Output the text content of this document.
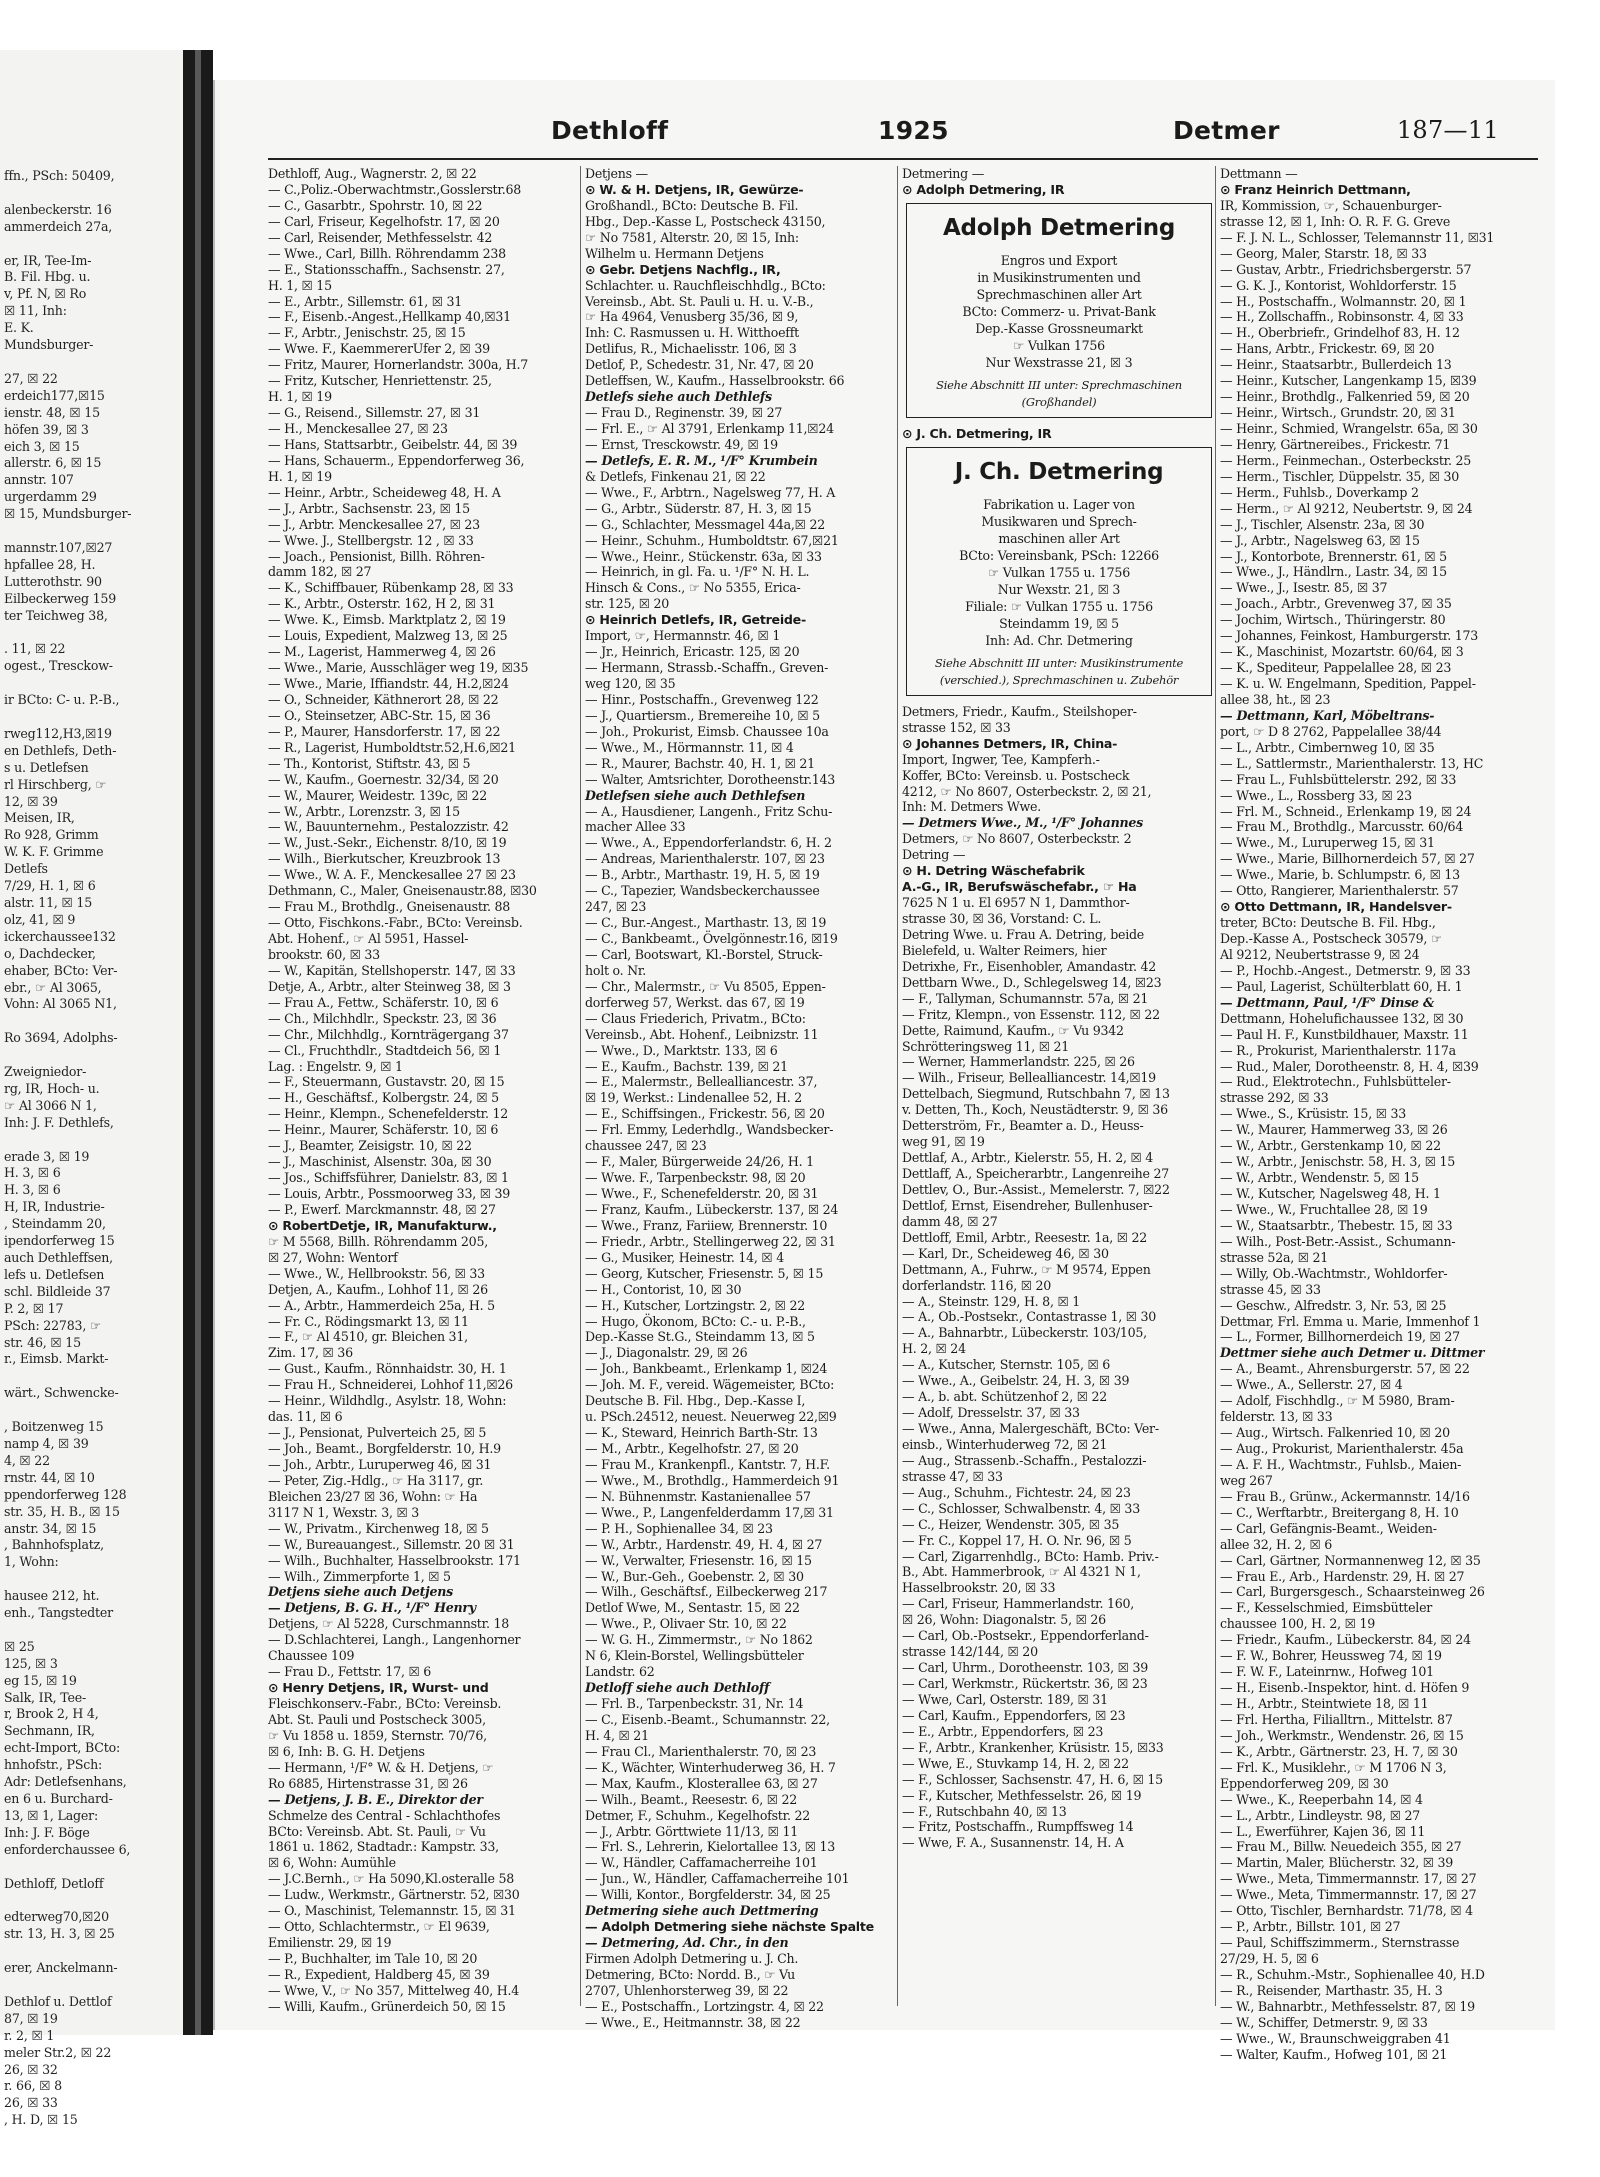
ffn., PSch: 50409,

alenbeckerstr. 16
ammerdeich 27a,

er, IR, Tee-Im-
B. Fil. Hbg. u.
v, Pf. N, ☒ Ro
☒ 11, Inh:
E. K.
Mundsburger-

27, ☒ 22
erdeich177,☒15
ienstr. 48, ☒ 15
höfen 39, ☒ 3
eich 3, ☒ 15
allerstr. 6, ☒ 15
annstr. 107
urgerdamm 29
☒ 15, Mundsburger-

mannstr.107,☒27
hpfallee 28, H.
Lutterothstr. 90
Eilbeckerweg 159
ter Teichweg 38,

. 11, ☒ 22
ogest., Tresckow-

ir BCto: C- u. P.-B.,

rweg112,H3,☒19
en Dethlefs, Deth-
s u. Detlefsen
rl Hirschberg, ☞
12, ☒ 39
Meisen, IR,
Ro 928, Grimm
W. K. F. Grimme
Detlefs
7/29, H. 1, ☒ 6
alstr. 11, ☒ 15
olz, 41, ☒ 9
ickerchaussee132
o, Dachdecker,
ehaber, BCto: Ver-
ebr., ☞ Al 3065,
Vohn: Al 3065 N1,

Ro 3694, Adolphs-

Zweigniedor-
rg, IR, Hoch- u.
☞ Al 3066 N 1,
Inh: J. F. Dethlefs,

erade 3, ☒ 19
H. 3, ☒ 6
H. 3, ☒ 6
H, IR, Industrie-
, Steindamm 20,
ipendorferweg 15
auch Dethleffsen,
lefs u. Detlefsen
schl. Bildleide 37
P. 2, ☒ 17
PSch: 22783, ☞
str. 46, ☒ 15
r., Eimsb. Markt-

wärt., Schwencke-

, Boitzenweg 15
namp 4, ☒ 39
4, ☒ 22
rnstr. 44, ☒ 10
ppendorferweg 128
str. 35, H. B., ☒ 15
anstr. 34, ☒ 15
, Bahnhofsplatz,
1, Wohn:

hausee 212, ht.
enh., Tangstedter

☒ 25
125, ☒ 3
eg 15, ☒ 19
Salk, IR, Tee-
r, Brook 2, H 4,
Sechmann, IR,
echt-Import, BCto:
hnhofstr., PSch:
Adr: Detlefsenhans,
en 6 u. Burchard-
13, ☒ 1, Lager:
Inh: J. F. Böge
enforderchaussee 6,

Dethloff, Detloff

edterweg70,☒20
str. 13, H. 3, ☒ 25

erer, Anckelmann-

Dethlof u. Dettlof
87, ☒ 19
r. 2, ☒ 1
meler Str.2, ☒ 22
26, ☒ 32
r. 66, ☒ 8
26, ☒ 33
, H. D, ☒ 15
Dethloff	1925	Detmer	187—11
Dethloff, Aug., Wagnerstr. 2, ☒ 22
— C.,Poliz.-Oberwachtmstr.,Gosslerstr.68
— C., Gasarbtr., Spohrstr. 10, ☒ 22
— Carl, Friseur, Kegelhofstr. 17, ☒ 20
— Carl, Reisender, Methfesselstr. 42
— Wwe., Carl, Billh. Röhrendamm 238
— E., Stationsschaffn., Sachsenstr. 27,
H. 1, ☒ 15
— E., Arbtr., Sillemstr. 61, ☒ 31
— F., Eisenb.-Angest.,Hellkamp 40,☒31
— F., Arbtr., Jenischstr. 25, ☒ 15
— Wwe. F., KaemmererUfer 2, ☒ 39
— Fritz, Maurer, Hornerlandstr. 300a, H.7
— Fritz, Kutscher, Henriettenstr. 25,
H. 1, ☒ 19
— G., Reisend., Sillemstr. 27, ☒ 31
— H., Menckesallee 27, ☒ 23
— Hans, Stattsarbtr., Geibelstr. 44, ☒ 39
— Hans, Schauerm., Eppendorferweg 36,
H. 1, ☒ 19
— Heinr., Arbtr., Scheideweg 48, H. A
— J., Arbtr., Sachsenstr. 23, ☒ 15
— J., Arbtr. Menckesallee 27, ☒ 23
— Wwe. J., Stellbergstr. 12 , ☒ 33
— Joach., Pensionist, Billh. Röhren-
damm 182, ☒ 27
— K., Schiffbauer, Rübenkamp 28, ☒ 33
— K., Arbtr., Osterstr. 162, H 2, ☒ 31
— Wwe. K., Eimsb. Marktplatz 2, ☒ 19
— Louis, Expedient, Malzweg 13, ☒ 25
— M., Lagerist, Hammerweg 4, ☒ 26
— Wwe., Marie, Ausschläger weg 19, ☒35
— Wwe., Marie, Iffiandstr. 44, H.2,☒24
— O., Schneider, Käthnerort 28, ☒ 22
— O., Steinsetzer, ABC-Str. 15, ☒ 36
— P., Maurer, Hansdorferstr. 17, ☒ 22
— R., Lagerist, Humboldtstr.52,H.6,☒21
— Th., Kontorist, Stiftstr. 43, ☒ 5
— W., Kaufm., Goernestr. 32/34, ☒ 20
— W., Maurer, Weidestr. 139c, ☒ 22
— W., Arbtr., Lorenzstr. 3, ☒ 15
— W., Bauunternehm., Pestalozzistr. 42
— W., Just.-Sekr., Eichenstr. 8/10, ☒ 19
— Wilh., Bierkutscher, Kreuzbrook 13
— Wwe., W. A. F., Menckesallee 27 ☒ 23
Dethmann, C., Maler, Gneisenaustr.88, ☒30
— Frau M., Brothdlg., Gneisenaustr. 88
— Otto, Fischkons.-Fabr., BCto: Vereinsb.
Abt. Hohenf., ☞ Al 5951, Hassel-
brookstr. 60, ☒ 33
— W., Kapitän, Stellshoperstr. 147, ☒ 33
Detje, A., Arbtr., alter Steinweg 38, ☒ 3
— Frau A., Fettw., Schäferstr. 10, ☒ 6
— Ch., Milchhdlr., Speckstr. 23, ☒ 36
— Chr., Milchhdlg., Kornträgergang 37
— Cl., Fruchthdlr., Stadtdeich 56, ☒ 1
Lag. : Engelstr. 9, ☒ 1
— F., Steuermann, Gustavstr. 20, ☒ 15
— H., Geschäftsf., Kolbergstr. 24, ☒ 5
— Heinr., Klempn., Schenefelderstr. 12
— Heinr., Maurer, Schäferstr. 10, ☒ 6
— J., Beamter, Zeisigstr. 10, ☒ 22
— J., Maschinist, Alsenstr. 30a, ☒ 30
— Jos., Schiffsführer, Danielstr. 83, ☒ 1
— Louis, Arbtr., Possmoorweg 33, ☒ 39
— P., Ewerf. Marckmannstr. 48, ☒ 27
⊙ RobertDetje, IR, Manufakturw.,
☞ M 5568, Billh. Röhrendamm 205,
☒ 27, Wohn: Wentorf
— Wwe., W., Hellbrookstr. 56, ☒ 33
Detjen, A., Kaufm., Lohhof 11, ☒ 26
— A., Arbtr., Hammerdeich 25a, H. 5
— Fr. C., Rödingsmarkt 13, ☒ 11
— F., ☞ Al 4510, gr. Bleichen 31,
Zim. 17, ☒ 36
— Gust., Kaufm., Rönnhaidstr. 30, H. 1
— Frau H., Schneiderei, Lohhof 11,☒26
— Heinr., Wildhdlg., Asylstr. 18, Wohn:
das. 11, ☒ 6
— J., Pensionat, Pulverteich 25, ☒ 5
— Joh., Beamt., Borgfelderstr. 10, H.9
— Joh., Arbtr., Luruperweg 46, ☒ 31
— Peter, Zig.-Hdlg., ☞ Ha 3117, gr.
Bleichen 23/27 ☒ 36, Wohn: ☞ Ha
3117 N 1, Wexstr. 3, ☒ 3
— W., Privatm., Kirchenweg 18, ☒ 5
— W., Bureauangest., Sillemstr. 20 ☒ 31
— Wilh., Buchhalter, Hasselbrookstr. 171
— Wilh., Zimmerpforte 1, ☒ 5
Detjens siehe auch Detjens
— Detjens, B. G. H., ¹/F° Henry
Detjens, ☞ Al 5228, Curschmannstr. 18
— D.Schlachterei, Langh., Langenhorner
Chaussee 109
— Frau D., Fettstr. 17, ☒ 6
⊙ Henry Detjens, IR, Wurst- und
Fleischkonserv.-Fabr., BCto: Vereinsb.
Abt. St. Pauli und Postscheck 3005,
☞ Vu 1858 u. 1859, Sternstr. 70/76,
☒ 6, Inh: B. G. H. Detjens
— Hermann, ¹/F° W. & H. Detjens, ☞
Ro 6885, Hirtenstrasse 31, ☒ 26
— Detjens, J. B. E., Direktor der
Schmelze des Central - Schlachthofes
BCto: Vereinsb. Abt. St. Pauli, ☞ Vu
1861 u. 1862, Stadtadr.: Kampstr. 33,
☒ 6, Wohn: Aumühle
— J.C.Bernh., ☞ Ha 5090,Kl.osteralle 58
— Ludw., Werkmstr., Gärtnerstr. 52, ☒30
— O., Maschinist, Telemannstr. 15, ☒ 31
— Otto, Schlachtermstr., ☞ El 9639,
Emilienstr. 29, ☒ 19
— P., Buchhalter, im Tale 10, ☒ 20
— R., Expedient, Haldberg 45, ☒ 39
— Wwe, V., ☞ No 357, Mittelweg 40, H.4
— Willi, Kaufm., Grünerdeich 50, ☒ 15
Detjens —
⊙ W. & H. Detjens, IR, Gewürze-
Großhandl., BCto: Deutsche B. Fil.
Hbg., Dep.-Kasse L, Postscheck 43150,
☞ No 7581, Alterstr. 20, ☒ 15, Inh:
Wilhelm u. Hermann Detjens
⊙ Gebr. Detjens Nachflg., IR,
Schlachter. u. Rauchfleischhdlg., BCto:
Vereinsb., Abt. St. Pauli u. H. u. V.-B.,
☞ Ha 4964, Venusberg 35/36, ☒ 9,
Inh: C. Rasmussen u. H. Witthoefft
Detlifus, R., Michaelisstr. 106, ☒ 3
Detlof, P., Schedestr. 31, Nr. 47, ☒ 20
Detleffsen, W., Kaufm., Hasselbrookstr. 66
Detlefs siehe auch Dethlefs
— Frau D., Reginenstr. 39, ☒ 27
— Frl. E., ☞ Al 3791, Erlenkamp 11,☒24
— Ernst, Tresckowstr. 49, ☒ 19
— Detlefs, E. R. M., ¹/F° Krumbein
& Detlefs, Finkenau 21, ☒ 22
— Wwe., F., Arbtrn., Nagelsweg 77, H. A
— G., Arbtr., Süderstr. 87, H. 3, ☒ 15
— G., Schlachter, Messmagel 44a,☒ 22
— Heinr., Schuhm., Humboldtstr. 67,☒21
— Wwe., Heinr., Stückenstr. 63a, ☒ 33
— Heinrich, in gl. Fa. u. ¹/F° N. H. L.
Hinsch & Cons., ☞ No 5355, Erica-
str. 125, ☒ 20
⊙ Heinrich Detlefs, IR, Getreide-
Import, ☞, Hermannstr. 46, ☒ 1
— Jr., Heinrich, Ericastr. 125, ☒ 20
— Hermann, Strassb.-Schaffn., Greven-
weg 120, ☒ 35
— Hinr., Postschaffn., Grevenweg 122
— J., Quartiersm., Bremereihe 10, ☒ 5
— Joh., Prokurist, Eimsb. Chaussee 10a
— Wwe., M., Hörmannstr. 11, ☒ 4
— R., Maurer, Bachstr. 40, H. 1, ☒ 21
— Walter, Amtsrichter, Dorotheenstr.143
Detlefsen siehe auch Dethlefsen
— A., Hausdiener, Langenh., Fritz Schu-
macher Allee 33
— Wwe., A., Eppendorferlandstr. 6, H. 2
— Andreas, Marienthalerstr. 107, ☒ 23
— B., Arbtr., Marthastr. 19, H. 5, ☒ 19
— C., Tapezier, Wandsbeckerchaussee
247, ☒ 23
— C., Bur.-Angest., Marthastr. 13, ☒ 19
— C., Bankbeamt., Övelgönnestr.16, ☒19
— Carl, Bootswart, Kl.-Borstel, Struck-
holt o. Nr.
— Chr., Malermstr., ☞ Vu 8505, Eppen-
dorferweg 57, Werkst. das 67, ☒ 19
— Claus Friederich, Privatm., BCto:
Vereinsb., Abt. Hohenf., Leibnizstr. 11
— Wwe., D., Marktstr. 133, ☒ 6
— E., Kaufm., Bachstr. 139, ☒ 21
— E., Malermstr., Bellealliancestr. 37,
☒ 19, Werkst.: Lindenallee 52, H. 2
— E., Schiffsingen., Frickestr. 56, ☒ 20
— Frl. Emmy, Lederhdlg., Wandsbecker-
chaussee 247, ☒ 23
— F., Maler, Bürgerweide 24/26, H. 1
— Wwe. F., Tarpenbeckstr. 98, ☒ 20
— Wwe., F., Schenefelderstr. 20, ☒ 31
— Franz, Kaufm., Lübeckerstr. 137, ☒ 24
— Wwe., Franz, Fariiew, Brennerstr. 10
— Friedr., Arbtr., Stellingerweg 22, ☒ 31
— G., Musiker, Heinestr. 14, ☒ 4
— Georg, Kutscher, Friesenstr. 5, ☒ 15
— H., Contorist, 10, ☒ 30
— H., Kutscher, Lortzingstr. 2, ☒ 22
— Hugo, Ökonom, BCto: C.- u. P.-B.,
Dep.-Kasse St.G., Steindamm 13, ☒ 5
— J., Diagonalstr. 29, ☒ 26
— Joh., Bankbeamt., Erlenkamp 1, ☒24
— Joh. M. F., vereid. Wägemeister, BCto:
Deutsche B. Fil. Hbg., Dep.-Kasse I,
u. PSch.24512, neuest. Neuerweg 22,☒9
— K., Steward, Heinrich Barth-Str. 13
— M., Arbtr., Kegelhofstr. 27, ☒ 20
— Frau M., Krankenpfl., Kantstr. 7, H.F.
— Wwe., M., Brothdlg., Hammerdeich 91
— N. Bühnenmstr. Kastanienallee 57
— Wwe., P., Langenfelderdamm 17,☒ 31
— P. H., Sophienallee 34, ☒ 23
— W., Arbtr., Hardenstr. 49, H. 4, ☒ 27
— W., Verwalter, Friesenstr. 16, ☒ 15
— W., Bur.-Geh., Goebenstr. 2, ☒ 30
— Wilh., Geschäftsf., Eilbeckerweg 217
Detlof Wwe, M., Sentastr. 15, ☒ 22
— Wwe., P., Olivaer Str. 10, ☒ 22
— W. G. H., Zimmermstr., ☞ No 1862
N 6, Klein-Borstel, Wellingsbütteler
Landstr. 62
Detloff siehe auch Dethloff
— Frl. B., Tarpenbeckstr. 31, Nr. 14
— C., Eisenb.-Beamt., Schumannstr. 22,
H. 4, ☒ 21
— Frau Cl., Marienthalerstr. 70, ☒ 23
— K., Wächter, Winterhuderweg 36, H. 7
— Max, Kaufm., Klosterallee 63, ☒ 27
— Wilh., Beamt., Reesestr. 6, ☒ 22
Detmer, F., Schuhm., Kegelhofstr. 22
— J., Arbtr. Görttwiete 11/13, ☒ 11
— Frl. S., Lehrerin, Kielortallee 13, ☒ 13
— W., Händler, Caffamacherreihe 101
— Jun., W., Händler, Caffamacherreihe 101
— Willi, Kontor., Borgfelderstr. 34, ☒ 25
Detmering siehe auch Dettmering
— Adolph Detmering siehe nächste Spalte
— Detmering, Ad. Chr., in den
Firmen Adolph Detmering u. J. Ch.
Detmering, BCto: Nordd. B., ☞ Vu
2707, Uhlenhorsterweg 39, ☒ 22
— E., Postschaffn., Lortzingstr. 4, ☒ 22
— Wwe., E., Heitmannstr. 38, ☒ 22
Detmering —
⊙ Adolph Detmering, IR
Adolph Detmering
Engros und Export
in Musikinstrumenten und
Sprechmaschinen aller Art
BCto: Commerz- u. Privat-Bank
Dep.-Kasse Grossneumarkt
☞ Vulkan 1756
Nur Wexstrasse 21, ☒ 3
Siehe Abschnitt III unter: Sprechmaschinen (Großhandel)
⊙ J. Ch. Detmering, IR
J. Ch. Detmering
Fabrikation u. Lager von
Musikwaren und Sprech-
maschinen aller Art
BCto: Vereinsbank, PSch: 12266
☞ Vulkan 1755 u. 1756
Nur Wexstr. 21, ☒ 3
Filiale: ☞ Vulkan 1755 u. 1756
Steindamm 19, ☒ 5
Inh: Ad. Chr. Detmering
Siehe Abschnitt III unter: Musikinstrumente (verschied.), Sprechmaschinen u. Zubehör
Detmers, Friedr., Kaufm., Steilshoper-
strasse 152, ☒ 33
⊙ Johannes Detmers, IR, China-
Import, Ingwer, Tee, Kampferh.-
Koffer, BCto: Vereinsb. u. Postscheck
4212, ☞ No 8607, Osterbeckstr. 2, ☒ 21,
Inh: M. Detmers Wwe.
— Detmers Wwe., M., ¹/F° Johannes
Detmers, ☞ No 8607, Osterbeckstr. 2
Detring —
⊙ H. Detring Wäschefabrik
A.-G., IR, Berufswäschefabr., ☞ Ha
7625 N 1 u. El 6957 N 1, Dammthor-
strasse 30, ☒ 36, Vorstand: C. L.
Detring Wwe. u. Frau A. Detring, beide
Bielefeld, u. Walter Reimers, hier
Detrixhe, Fr., Eisenhobler, Amandastr. 42
Dettbarn Wwe., D., Schlegelsweg 14, ☒23
— F., Tallyman, Schumannstr. 57a, ☒ 21
— Fritz, Klempn., von Essenstr. 112, ☒ 22
Dette, Raimund, Kaufm., ☞ Vu 9342
Schrötteringsweg 11, ☒ 21
— Werner, Hammerlandstr. 225, ☒ 26
— Wilh., Friseur, Bellealliancestr. 14,☒19
Dettelbach, Siegmund, Rutschbahn 7, ☒ 13
v. Detten, Th., Koch, Neustädterstr. 9, ☒ 36
Detterström, Fr., Beamter a. D., Heuss-
weg 91, ☒ 19
Dettlaf, A., Arbtr., Kielerstr. 55, H. 2, ☒ 4
Dettlaff, A., Speicherarbtr., Langenreihe 27
Dettlev, O., Bur.-Assist., Memelerstr. 7, ☒22
Dettlof, Ernst, Eisendreher, Bullenhuser-
damm 48, ☒ 27
Dettloff, Emil, Arbtr., Reesestr. 1a, ☒ 22
— Karl, Dr., Scheideweg 46, ☒ 30
Dettmann, A., Fuhrw., ☞ M 9574, Eppen
dorferlandstr. 116, ☒ 20
— A., Steinstr. 129, H. 8, ☒ 1
— A., Ob.-Postsekr., Contastrasse 1, ☒ 30
— A., Bahnarbtr., Lübeckerstr. 103/105,
H. 2, ☒ 24
— A., Kutscher, Sternstr. 105, ☒ 6
— Wwe., A., Geibelstr. 24, H. 3, ☒ 39
— A., b. abt. Schützenhof 2, ☒ 22
— Adolf, Dresselstr. 37, ☒ 33
— Wwe., Anna, Malergeschäft, BCto: Ver-
einsb., Winterhuderweg 72, ☒ 21
— Aug., Strassenb.-Schaffn., Pestalozzi-
strasse 47, ☒ 33
— Aug., Schuhm., Fichtestr. 24, ☒ 23
— C., Schlosser, Schwalbenstr. 4, ☒ 33
— C., Heizer, Wendenstr. 305, ☒ 35
— Fr. C., Koppel 17, H. O. Nr. 96, ☒ 5
— Carl, Zigarrenhdlg., BCto: Hamb. Priv.-
B., Abt. Hammerbrook, ☞ Al 4321 N 1,
Hasselbrookstr. 20, ☒ 33
— Carl, Friseur, Hammerlandstr. 160,
☒ 26, Wohn: Diagonalstr. 5, ☒ 26
— Carl, Ob.-Postsekr., Eppendorferland-
strasse 142/144, ☒ 20
— Carl, Uhrm., Dorotheenstr. 103, ☒ 39
— Carl, Werkmstr., Rückertstr. 36, ☒ 23
— Wwe, Carl, Osterstr. 189, ☒ 31
— Carl, Kaufm., Eppendorfers, ☒ 23
— E., Arbtr., Eppendorfers, ☒ 23
— F., Arbtr., Krankenher, Krüsistr. 15, ☒33
— Wwe, E., Stuvkamp 14, H. 2, ☒ 22
— F., Schlosser, Sachsenstr. 47, H. 6, ☒ 15
— F., Kutscher, Methfesselstr. 26, ☒ 19
— F., Rutschbahn 40, ☒ 13
— Fritz, Postschaffn., Rumpffsweg 14
— Wwe, F. A., Susannenstr. 14, H. A
Dettmann —
⊙ Franz Heinrich Dettmann,
IR, Kommission, ☞, Schauenburger-
strasse 12, ☒ 1, Inh: O. R. F. G. Greve
— F. J. N. L., Schlosser, Telemannstr 11, ☒31
— Georg, Maler, Starstr. 18, ☒ 33
— Gustav, Arbtr., Friedrichsbergerstr. 57
— G. K. J., Kontorist, Wohldorferstr. 15
— H., Postschaffn., Wolmannstr. 20, ☒ 1
— H., Zollschaffn., Robinsonstr. 4, ☒ 33
— H., Oberbriefr., Grindelhof 83, H. 12
— Hans, Arbtr., Frickestr. 69, ☒ 20
— Heinr., Staatsarbtr., Bullerdeich 13
— Heinr., Kutscher, Langenkamp 15, ☒39
— Heinr., Brothdlg., Falkenried 59, ☒ 20
— Heinr., Wirtsch., Grundstr. 20, ☒ 31
— Heinr., Schmied, Wrangelstr. 65a, ☒ 30
— Henry, Gärtnereibes., Frickestr. 71
— Herm., Feinmechan., Osterbeckstr. 25
— Herm., Tischler, Düppelstr. 35, ☒ 30
— Herm., Fuhlsb., Doverkamp 2
— Herm., ☞ Al 9212, Neubertstr. 9, ☒ 24
— J., Tischler, Alsenstr. 23a, ☒ 30
— J., Arbtr., Nagelsweg 63, ☒ 15
— J., Kontorbote, Brennerstr. 61, ☒ 5
— Wwe., J., Händlrn., Lastr. 34, ☒ 15
— Wwe., J., Isestr. 85, ☒ 37
— Joach., Arbtr., Grevenweg 37, ☒ 35
— Jochim, Wirtsch., Thüringerstr. 80
— Johannes, Feinkost, Hamburgerstr. 173
— K., Maschinist, Mozartstr. 60/64, ☒ 3
— K., Spediteur, Pappelallee 28, ☒ 23
— K. u. W. Engelmann, Spedition, Pappel-
allee 38, ht., ☒ 23
— Dettmann, Karl, Möbeltrans-
port, ☞ D 8 2762, Pappelallee 38/44
— L., Arbtr., Cimbernweg 10, ☒ 35
— L., Sattlermstr., Marienthalerstr. 13, HC
— Frau L., Fuhlsbüttelerstr. 292, ☒ 33
— Wwe., L., Rossberg 33, ☒ 23
— Frl. M., Schneid., Erlenkamp 19, ☒ 24
— Frau M., Brothdlg., Marcusstr. 60/64
— Wwe., M., Luruperweg 15, ☒ 31
— Wwe., Marie, Billhornerdeich 57, ☒ 27
— Wwe., Marie, b. Schlumpstr. 6, ☒ 13
— Otto, Rangierer, Marienthalerstr. 57
⊙ Otto Dettmann, IR, Handelsver-
treter, BCto: Deutsche B. Fil. Hbg.,
Dep.-Kasse A., Postscheck 30579, ☞
Al 9212, Neubertstrasse 9, ☒ 24
— P., Hochb.-Angest., Detmerstr. 9, ☒ 33
— Paul, Lagerist, Schülterblatt 60, H. 1
— Dettmann, Paul, ¹/F° Dinse &
Dettmann, Hohelufichaussee 132, ☒ 30
— Paul H. F., Kunstbildhauer, Maxstr. 11
— R., Prokurist, Marienthalerstr. 117a
— Rud., Maler, Dorotheenstr. 8, H. 4, ☒39
— Rud., Elektrotechn., Fuhlsbütteler-
strasse 292, ☒ 33
— Wwe., S., Krüsistr. 15, ☒ 33
— W., Maurer, Hammerweg 33, ☒ 26
— W., Arbtr., Gerstenkamp 10, ☒ 22
— W., Arbtr., Jenischstr. 58, H. 3, ☒ 15
— W., Arbtr., Wendenstr. 5, ☒ 15
— W., Kutscher, Nagelsweg 48, H. 1
— Wwe., W., Fruchtallee 28, ☒ 19
— W., Staatsarbtr., Thebestr. 15, ☒ 33
— Wilh., Post-Betr.-Assist., Schumann-
strasse 52a, ☒ 21
— Willy, Ob.-Wachtmstr., Wohldorfer-
strasse 45, ☒ 33
— Geschw., Alfredstr. 3, Nr. 53, ☒ 25
Dettmar, Frl. Emma u. Marie, Immenhof 1
— L., Former, Billhornerdeich 19, ☒ 27
Dettmer siehe auch Detmer u. Dittmer
— A., Beamt., Ahrensburgerstr. 57, ☒ 22
— Wwe., A., Sellerstr. 27, ☒ 4
— Adolf, Fischhdlg., ☞ M 5980, Bram-
felderstr. 13, ☒ 33
— Aug., Wirtsch. Falkenried 10, ☒ 20
— Aug., Prokurist, Marienthalerstr. 45a
— A. F. H., Wachtmstr., Fuhlsb., Maien-
weg 267
— Frau B., Grünw., Ackermannstr. 14/16
— C., Werftarbtr., Breitergang 8, H. 10
— Carl, Gefängnis-Beamt., Weiden-
allee 32, H. 2, ☒ 6
— Carl, Gärtner, Normannenweg 12, ☒ 35
— Frau E., Arb., Hardenstr. 29, H. ☒ 27
— Carl, Burgersgesch., Schaarsteinweg 26
— F., Kesselschmied, Eimsbütteler
chaussee 100, H. 2, ☒ 19
— Friedr., Kaufm., Lübeckerstr. 84, ☒ 24
— F. W., Bohrer, Heussweg 74, ☒ 19
— F. W. F., Lateinrnw., Hofweg 101
— H., Eisenb.-Inspektor, hint. d. Höfen 9
— H., Arbtr., Steintwiete 18, ☒ 11
— Frl. Hertha, Filialltrn., Mittelstr. 87
— Joh., Werkmstr., Wendenstr. 26, ☒ 15
— K., Arbtr., Gärtnerstr. 23, H. 7, ☒ 30
— Frl. K., Musiklehr., ☞ M 1706 N 3,
Eppendorferweg 209, ☒ 30
— Wwe., K., Reeperbahn 14, ☒ 4
— L., Arbtr., Lindleystr. 98, ☒ 27
— L., Ewerführer, Kajen 36, ☒ 11
— Frau M., Billw. Neuedeich 355, ☒ 27
— Martin, Maler, Blücherstr. 32, ☒ 39
— Wwe., Meta, Timmermannstr. 17, ☒ 27
— Wwe., Meta, Timmermannstr. 17, ☒ 27
— Otto, Tischler, Bernhardstr. 71/78, ☒ 4
— P., Arbtr., Billstr. 101, ☒ 27
— Paul, Schiffszimmerm., Sternstrasse
27/29, H. 5, ☒ 6
— R., Schuhm.-Mstr., Sophienallee 40, H.D
— R., Reisender, Marthastr. 35, H. 3
— W., Bahnarbtr., Methfesselstr. 87, ☒ 19
— W., Schiffer, Detmerstr. 9, ☒ 33
— Wwe., W., Braunschweiggraben 41
— Walter, Kaufm., Hofweg 101, ☒ 21
